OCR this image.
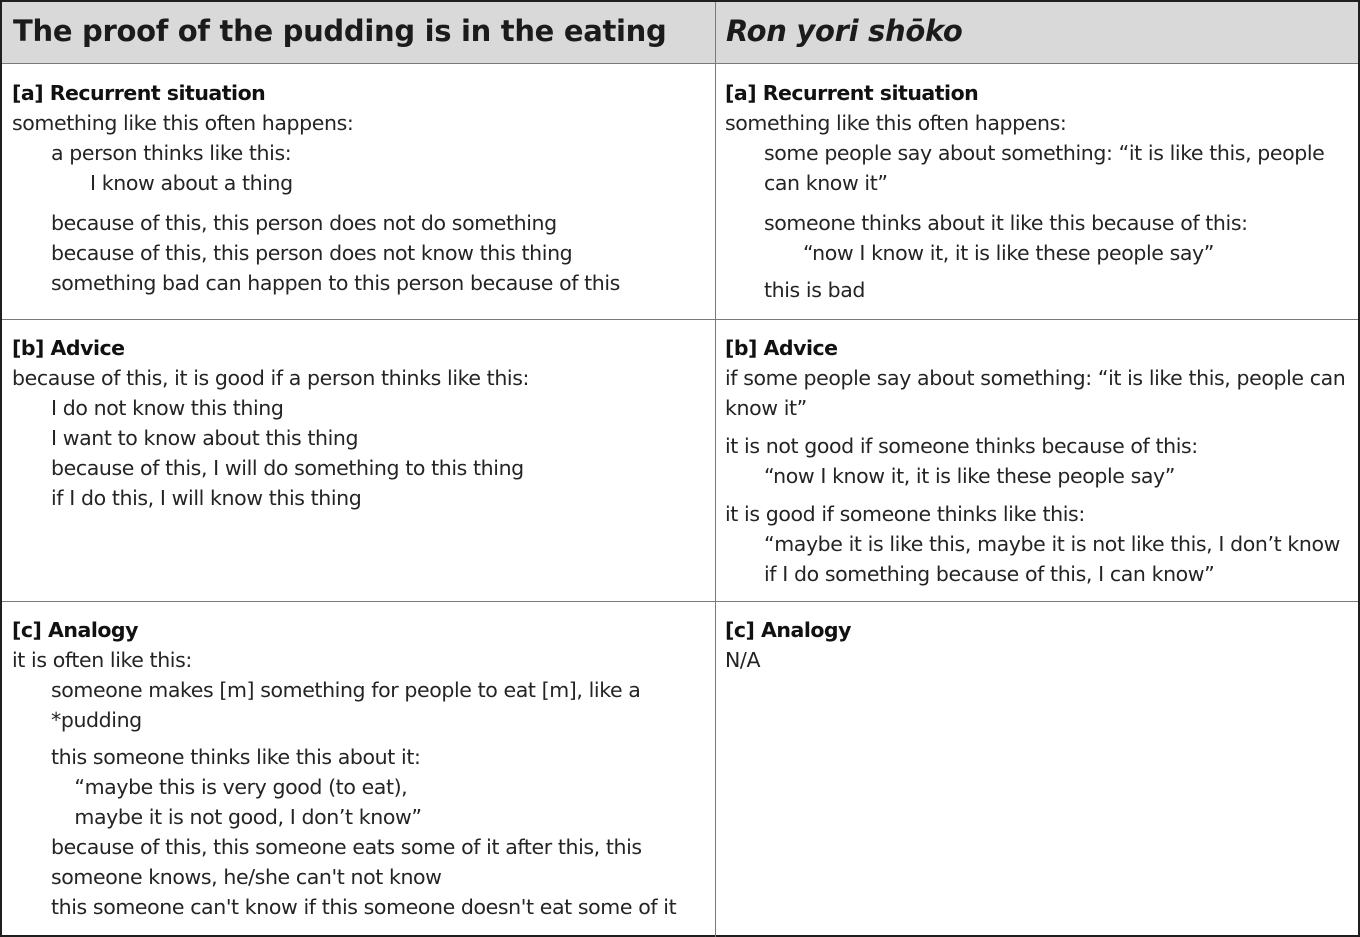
The proof of the pudding is in the eating Ron yori shōko
[a] Recurrent situation
something like this often happens:
a person thinks like this:
I know about a thing
because of this, this person does not do something
because of this, this person does not know this thing
something bad can happen to this person because of this
[a] Recurrent situation
something like this often happens:
some people say about something: “it is like this, people
can know it”
someone thinks about it like this because of this:
“now I know it, it is like these people say”
this is bad
[b] Advice
because of this, it is good if a person thinks like this:
I do not know this thing
I want to know about this thing
because of this, I will do something to this thing
if I do this, I will know this thing
[b] Advice
if some people say about something: “it is like this, people can
know it”
it is not good if someone thinks because of this:
“now I know it, it is like these people say”
it is good if someone thinks like this:
“maybe it is like this, maybe it is not like this, I don’t know
if I do something because of this, I can know”
[c] Analogy
it is often like this:
someone makes [m] something for people to eat [m], like a
*pudding
this someone thinks like this about it:
“maybe this is very good (to eat),
maybe it is not good, I don’t know”
because of this, this someone eats some of it after this, this
someone knows, he/she can't not know
this someone can't know if this someone doesn't eat some of it
[c] Analogy
N/A
